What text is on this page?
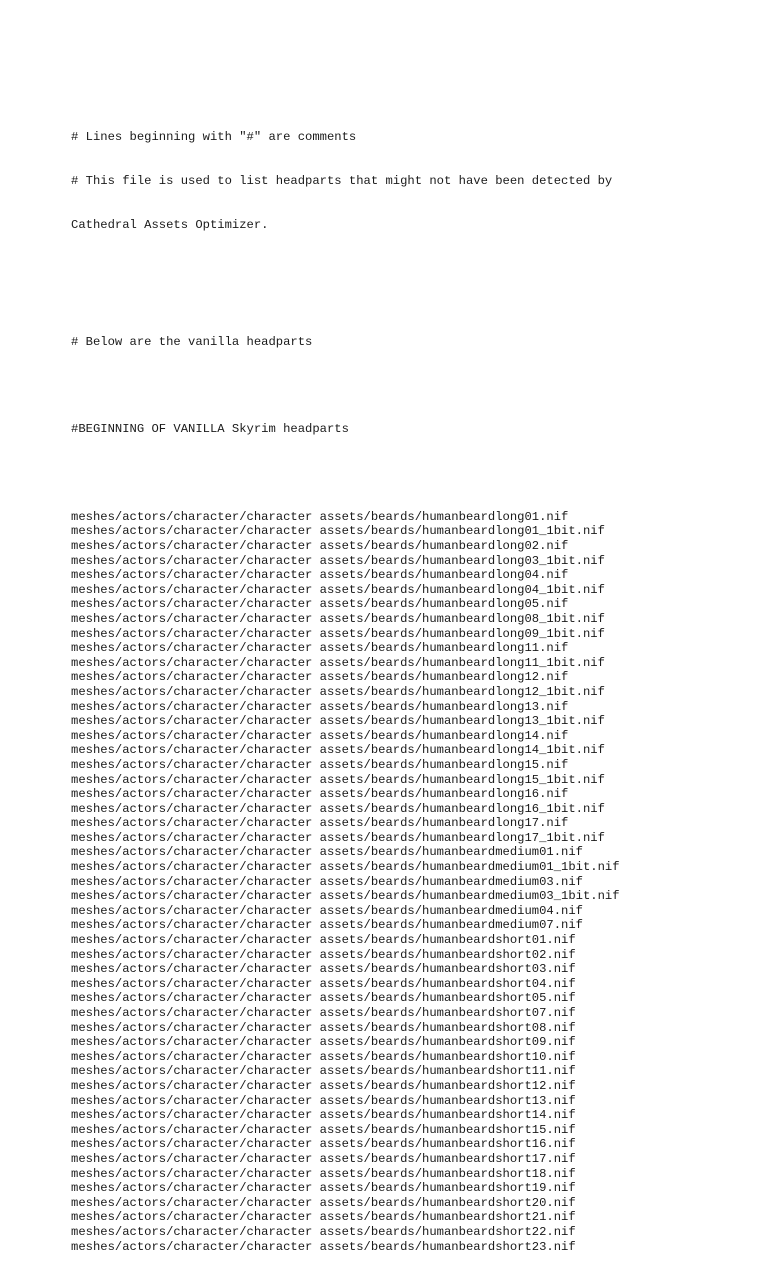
# Lines beginning with "#" are comments

# This file is used to list headparts that might not have been detected by

Cathedral Assets Optimizer.

# Below are the vanilla headparts

#BEGINNING OF VANILLA Skyrim headparts

meshes/actors/character/character assets/beards/humanbeardlong01.nif
meshes/actors/character/character assets/beards/humanbeardlong01_1bit.nif
meshes/actors/character/character assets/beards/humanbeardlong02.nif
meshes/actors/character/character assets/beards/humanbeardlong03_1bit.nif
meshes/actors/character/character assets/beards/humanbeardlong04.nif
meshes/actors/character/character assets/beards/humanbeardlong04_1bit.nif
meshes/actors/character/character assets/beards/humanbeardlong05.nif
meshes/actors/character/character assets/beards/humanbeardlong08_1bit.nif
meshes/actors/character/character assets/beards/humanbeardlong09_1bit.nif
meshes/actors/character/character assets/beards/humanbeardlong11.nif
meshes/actors/character/character assets/beards/humanbeardlong11_1bit.nif
meshes/actors/character/character assets/beards/humanbeardlong12.nif
meshes/actors/character/character assets/beards/humanbeardlong12_1bit.nif
meshes/actors/character/character assets/beards/humanbeardlong13.nif
meshes/actors/character/character assets/beards/humanbeardlong13_1bit.nif
meshes/actors/character/character assets/beards/humanbeardlong14.nif
meshes/actors/character/character assets/beards/humanbeardlong14_1bit.nif
meshes/actors/character/character assets/beards/humanbeardlong15.nif
meshes/actors/character/character assets/beards/humanbeardlong15_1bit.nif
meshes/actors/character/character assets/beards/humanbeardlong16.nif
meshes/actors/character/character assets/beards/humanbeardlong16_1bit.nif
meshes/actors/character/character assets/beards/humanbeardlong17.nif
meshes/actors/character/character assets/beards/humanbeardlong17_1bit.nif
meshes/actors/character/character assets/beards/humanbeardmedium01.nif
meshes/actors/character/character assets/beards/humanbeardmedium01_1bit.nif
meshes/actors/character/character assets/beards/humanbeardmedium03.nif
meshes/actors/character/character assets/beards/humanbeardmedium03_1bit.nif
meshes/actors/character/character assets/beards/humanbeardmedium04.nif
meshes/actors/character/character assets/beards/humanbeardmedium07.nif
meshes/actors/character/character assets/beards/humanbeardshort01.nif
meshes/actors/character/character assets/beards/humanbeardshort02.nif
meshes/actors/character/character assets/beards/humanbeardshort03.nif
meshes/actors/character/character assets/beards/humanbeardshort04.nif
meshes/actors/character/character assets/beards/humanbeardshort05.nif
meshes/actors/character/character assets/beards/humanbeardshort07.nif
meshes/actors/character/character assets/beards/humanbeardshort08.nif
meshes/actors/character/character assets/beards/humanbeardshort09.nif
meshes/actors/character/character assets/beards/humanbeardshort10.nif
meshes/actors/character/character assets/beards/humanbeardshort11.nif
meshes/actors/character/character assets/beards/humanbeardshort12.nif
meshes/actors/character/character assets/beards/humanbeardshort13.nif
meshes/actors/character/character assets/beards/humanbeardshort14.nif
meshes/actors/character/character assets/beards/humanbeardshort15.nif
meshes/actors/character/character assets/beards/humanbeardshort16.nif
meshes/actors/character/character assets/beards/humanbeardshort17.nif
meshes/actors/character/character assets/beards/humanbeardshort18.nif
meshes/actors/character/character assets/beards/humanbeardshort19.nif
meshes/actors/character/character assets/beards/humanbeardshort20.nif
meshes/actors/character/character assets/beards/humanbeardshort21.nif
meshes/actors/character/character assets/beards/humanbeardshort22.nif
meshes/actors/character/character assets/beards/humanbeardshort23.nif
